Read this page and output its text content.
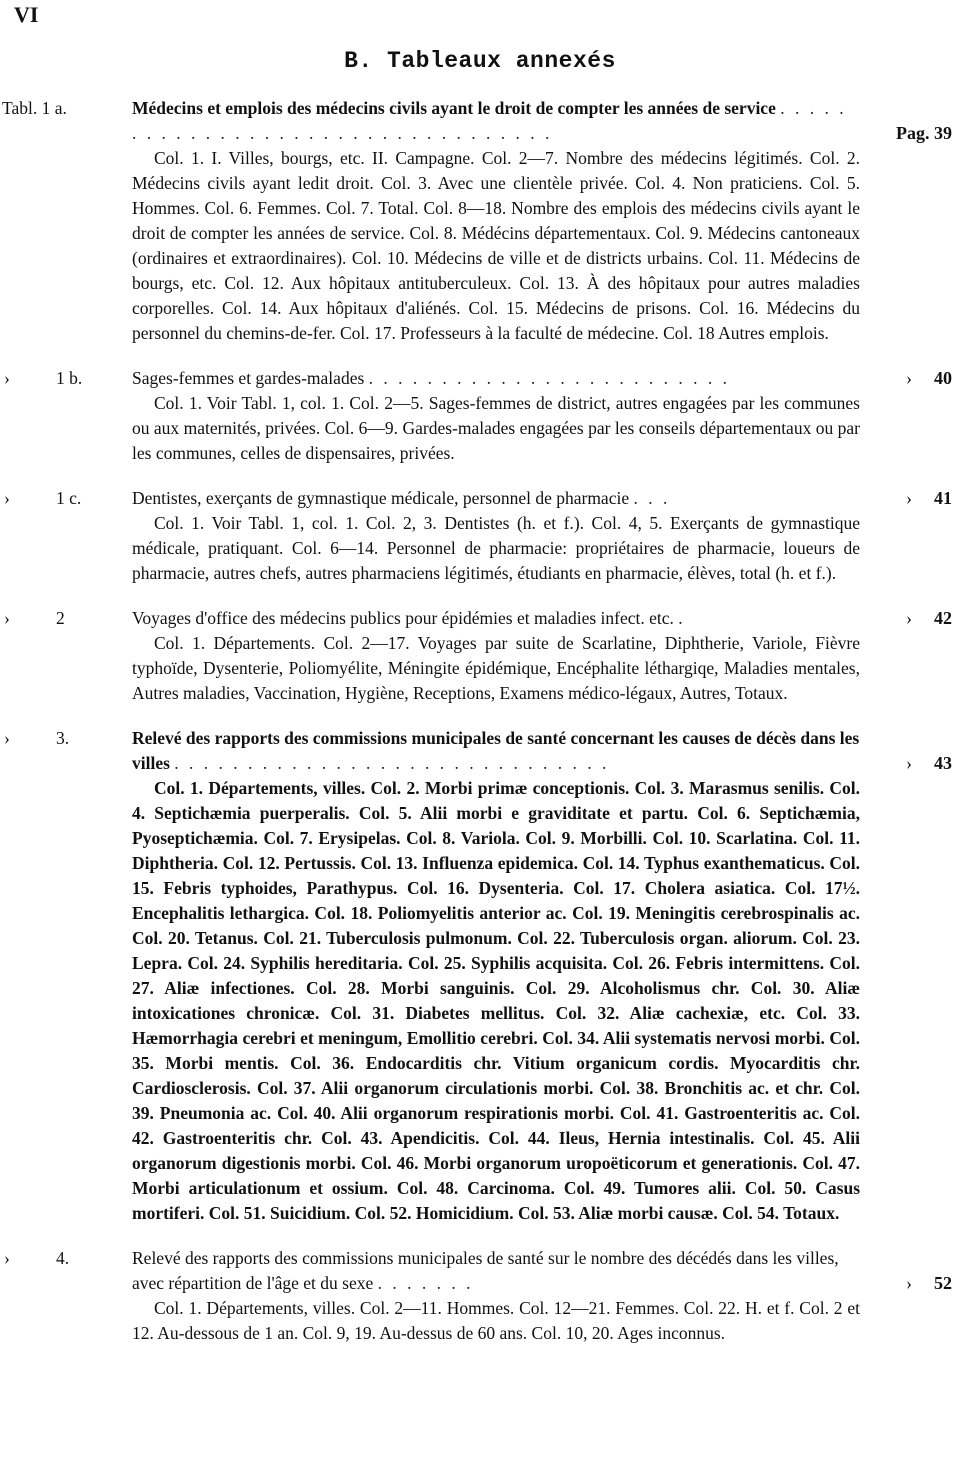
VI
B. Tableaux annexés
Tabl. 1 a.	Médecins et emplois des médecins civils ayant le droit de compter les années de service . . . . . . . . . . . . . . . . . . . . . . . . . . . . . . . . . .	Pag. 39
Col. 1. I. Villes, bourgs, etc. II. Campagne. Col. 2—7. Nombre des médecins légitimés. Col. 2. Médecins civils ayant ledit droit. Col. 3. Avec une clientèle privée. Col. 4. Non praticiens. Col. 5. Hommes. Col. 6. Femmes. Col. 7. Total. Col. 8—18. Nombre des emplois des médecins civils ayant le droit de compter les années de service. Col. 8. Médécins départementaux. Col. 9. Médecins cantoneaux (ordinaires et extraordinaires). Col. 10. Médecins de ville et de districts urbains. Col. 11. Médecins de bourgs, etc. Col. 12. Aux hôpitaux antituberculeux. Col. 13. À des hôpitaux pour autres maladies corporelles. Col. 14. Aux hôpitaux d'aliénés. Col. 15. Médecins de prisons. Col. 16. Médecins du personnel du chemins-de-fer. Col. 17. Professeurs à la faculté de médecine. Col. 18 Autres emplois.
›	1 b.	Sages-femmes et gardes-malades . . . . . . . . . . . . . . . . . . . . . . . . .	› 40
Col. 1. Voir Tabl. 1, col. 1. Col. 2—5. Sages-femmes de district, autres engagées par les communes ou aux maternités, privées. Col. 6—9. Gardes-malades engagées par les conseils départementaux ou par les communes, celles de dispensaires, privées.
›	1 c.	Dentistes, exerçants de gymnastique médicale, personnel de pharmacie . . .	› 41
Col. 1. Voir Tabl. 1, col. 1. Col. 2, 3. Dentistes (h. et f.). Col. 4, 5. Exerçants de gymnastique médicale, pratiquant. Col. 6—14. Personnel de pharmacie: propriétaires de pharmacie, loueurs de pharmacie, autres chefs, autres pharmaciens légitimés, étudiants en pharmacie, élèves, total (h. et f.).
›	2	Voyages d'office des médecins publics pour épidémies et maladies infect. etc. .	› 42
Col. 1. Départements. Col. 2—17. Voyages par suite de Scarlatine, Diphtherie, Variole, Fièvre typhoïde, Dysenterie, Poliomyélite, Méningite épidémique, Encéphalite léthargiqe, Maladies mentales, Autres maladies, Vaccination, Hygiène, Receptions, Examens médico-légaux, Autres, Totaux.
›	3.	Relevé des rapports des commissions municipales de santé concernant les causes de décès dans les villes . . . . . . . . . . . . . . . . . . . . . . . . . . . . . .	› 43
Col. 1. Départements, villes. Col. 2. Morbi primæ conceptionis. Col. 3. Marasmus senilis. Col. 4. Septichæmia puerperalis. Col. 5. Alii morbi e graviditate et partu. Col. 6. Septichæmia, Pyoseptichæmia. Col. 7. Erysipelas. Col. 8. Variola. Col. 9. Morbilli. Col. 10. Scarlatina. Col. 11. Diphtheria. Col. 12. Pertussis. Col. 13. Influenza epidemica. Col. 14. Typhus exanthematicus. Col. 15. Febris typhoides, Parathypus. Col. 16. Dysenteria. Col. 17. Cholera asiatica. Col. 17½. Encephalitis lethargica. Col. 18. Poliomyelitis anterior ac. Col. 19. Meningitis cerebrospinalis ac. Col. 20. Tetanus. Col. 21. Tuberculosis pulmonum. Col. 22. Tuberculosis organ. aliorum. Col. 23. Lepra. Col. 24. Syphilis hereditaria. Col. 25. Syphilis acquisita. Col. 26. Febris intermittens. Col. 27. Aliæ infectiones. Col. 28. Morbi sanguinis. Col. 29. Alcoholismus chr. Col. 30. Aliæ intoxicationes chronicæ. Col. 31. Diabetes mellitus. Col. 32. Aliæ cachexiæ, etc. Col. 33. Hæmorrhagia cerebri et meningum, Emollitio cerebri. Col. 34. Alii systematis nervosi morbi. Col. 35. Morbi mentis. Col. 36. Endocarditis chr. Vitium organicum cordis. Myocarditis chr. Cardiosclerosis. Col. 37. Alii organorum circulationis morbi. Col. 38. Bronchitis ac. et chr. Col. 39. Pneumonia ac. Col. 40. Alii organorum respirationis morbi. Col. 41. Gastroenteritis ac. Col. 42. Gastroenteritis chr. Col. 43. Apendicitis. Col. 44. Ileus, Hernia intestinalis. Col. 45. Alii organorum digestionis morbi. Col. 46. Morbi organorum uropoëticorum et generationis. Col. 47. Morbi articulationum et ossium. Col. 48. Carcinoma. Col. 49. Tumores alii. Col. 50. Casus mortiferi. Col. 51. Suicidium. Col. 52. Homicidium. Col. 53. Aliæ morbi causæ. Col. 54. Totaux.
›	4.	Relevé des rapports des commissions municipales de santé sur le nombre des décédés dans les villes, avec répartition de l'âge et du sexe . . . . . . .	› 52
Col. 1. Départements, villes. Col. 2—11. Hommes. Col. 12—21. Femmes. Col. 22. H. et f. Col. 2 et 12. Au-dessous de 1 an. Col. 9, 19. Au-dessus de 60 ans. Col. 10, 20. Ages inconnus.
